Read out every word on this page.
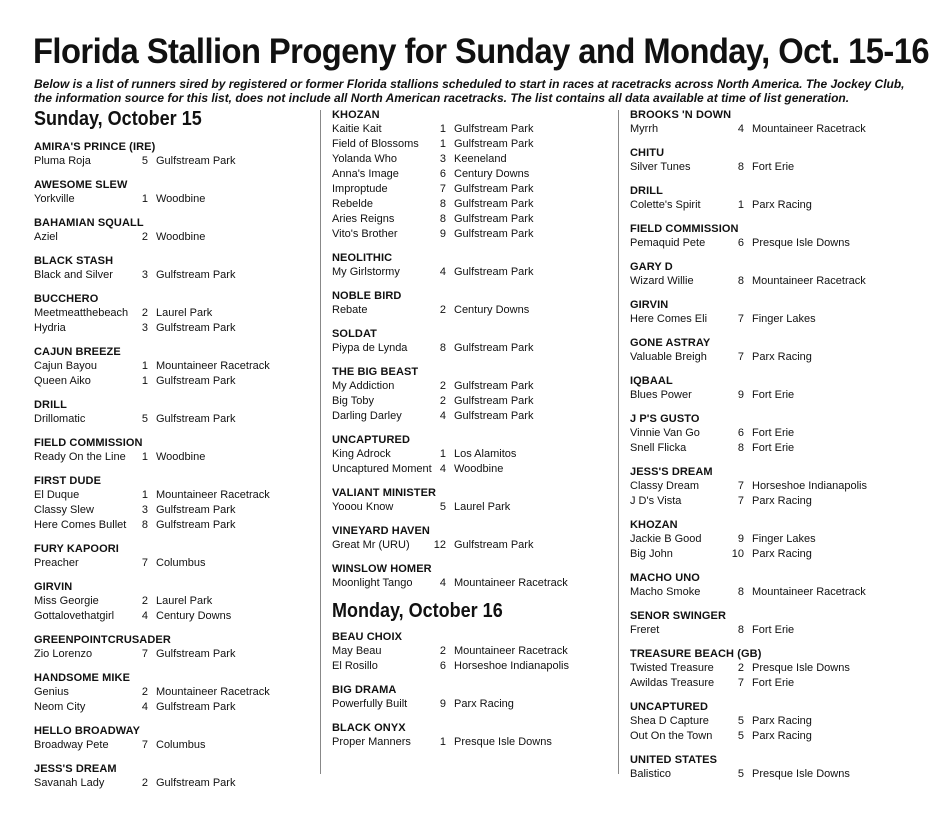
Florida Stallion Progeny for Sunday and Monday, Oct. 15-16

Below is a list of runners sired by registered or former Florida stallions scheduled to start in races at racetracks across North America. The Jockey Club, the information source for this list, does not include all North American racetracks. The list contains all data available at time of list generation.

Sunday, October 15
AMIRA'S PRINCE (IRE)
Pluma Roja	5 Gulfstream Park
AWESOME SLEW
Yorkville	1 Woodbine
BAHAMIAN SQUALL
Aziel	2 Woodbine
BLACK STASH
Black and Silver	3 Gulfstream Park
BUCCHERO
Meetmeatthebeach	2 Laurel Park
Hydria	3 Gulfstream Park
CAJUN BREEZE
Cajun Bayou	1 Mountaineer Racetrack
Queen Aiko	1 Gulfstream Park
DRILL
Drillomatic	5 Gulfstream Park
FIELD COMMISSION
Ready On the Line	1 Woodbine
FIRST DUDE
El Duque	1 Mountaineer Racetrack
Classy Slew	3 Gulfstream Park
Here Comes Bullet	8 Gulfstream Park
FURY KAPOORI
Preacher	7 Columbus
GIRVIN
Miss Georgie	2 Laurel Park
Gottalovethatgirl	4 Century Downs
GREENPOINTCRUSADER
Zio Lorenzo	7 Gulfstream Park
HANDSOME MIKE
Genius	2 Mountaineer Racetrack
Neom City	4 Gulfstream Park
HELLO BROADWAY
Broadway Pete	7 Columbus
JESS'S DREAM
Savanah Lady	2 Gulfstream Park
KHOZAN
Kaitie Kait	1 Gulfstream Park
Field of Blossoms	1 Gulfstream Park
Yolanda Who	3 Keeneland
Anna's Image	6 Century Downs
Improptude	7 Gulfstream Park
Rebelde	8 Gulfstream Park
Aries Reigns	8 Gulfstream Park
Vito's Brother	9 Gulfstream Park
NEOLITHIC
My Girlstormy	4 Gulfstream Park
NOBLE BIRD
Rebate	2 Century Downs
SOLDAT
Piypa de Lynda	8 Gulfstream Park
THE BIG BEAST
My Addiction	2 Gulfstream Park
Big Toby	2 Gulfstream Park
Darling Darley	4 Gulfstream Park
UNCAPTURED
King Adrock	1 Los Alamitos
Uncaptured Moment 4 Woodbine
VALIANT MINISTER
Yooou Know	5 Laurel Park
VINEYARD HAVEN
Great Mr (URU)	12 Gulfstream Park
WINSLOW HOMER
Moonlight Tango	4 Mountaineer Racetrack
Monday, October 16
BEAU CHOIX
May Beau	2 Mountaineer Racetrack
El Rosillo	6 Horseshoe Indianapolis
BIG DRAMA
Powerfully Built	9 Parx Racing
BLACK ONYX
Proper Manners	1 Presque Isle Downs
BROOKS 'N DOWN
Myrrh	4 Mountaineer Racetrack
CHITU
Silver Tunes	8 Fort Erie
DRILL
Colette's Spirit	1 Parx Racing
FIELD COMMISSION
Pemaquid Pete	6 Presque Isle Downs
GARY D
Wizard Willie	8 Mountaineer Racetrack
GIRVIN
Here Comes Eli	7 Finger Lakes
GONE ASTRAY
Valuable Breigh	7 Parx Racing
IQBAAL
Blues Power	9 Fort Erie
J P'S GUSTO
Vinnie Van Go	6 Fort Erie
Snell Flicka	8 Fort Erie
JESS'S DREAM
Classy Dream	7 Horseshoe Indianapolis
J D's Vista	7 Parx Racing
KHOZAN
Jackie B Good	9 Finger Lakes
Big John	10 Parx Racing
MACHO UNO
Macho Smoke	8 Mountaineer Racetrack
SENOR SWINGER
Freret	8 Fort Erie
TREASURE BEACH (GB)
Twisted Treasure	2 Presque Isle Downs
Awildas Treasure	7 Fort Erie
UNCAPTURED
Shea D Capture	5 Parx Racing
Out On the Town	5 Parx Racing
UNITED STATES
Balistico	5 Presque Isle Downs
